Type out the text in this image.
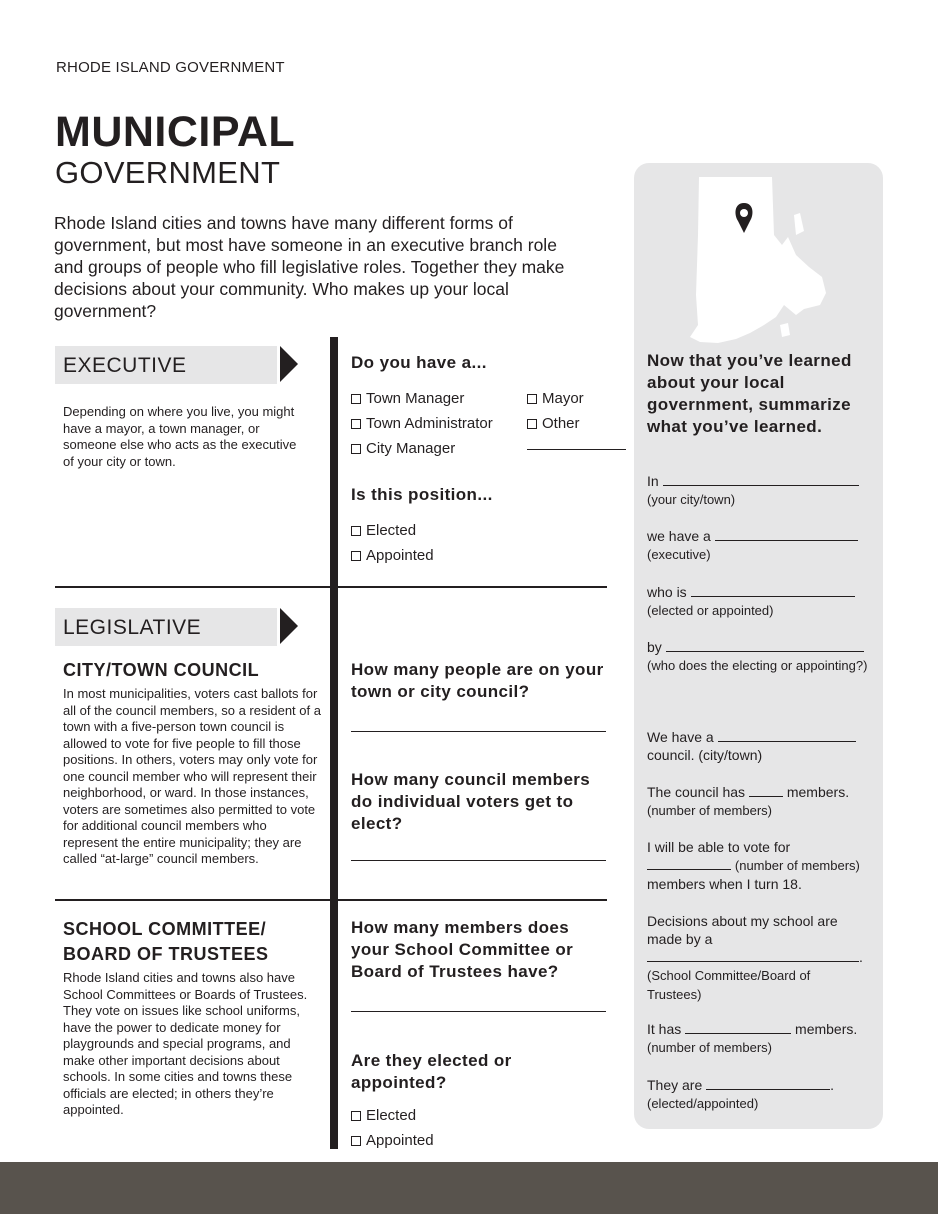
RHODE ISLAND GOVERNMENT
MUNICIPAL
GOVERNMENT
Rhode Island cities and towns have many different forms of government, but most have someone in an executive branch role and groups of people who fill legislative roles. Together they make decisions about your community. Who makes up your local government?
EXECUTIVE
Depending on where you live, you might have a mayor, a town manager, or someone else who acts as the executive of your city or town.
Do you have a...
Town Manager
Town Administrator
City Manager
Mayor
Other
Is this position...
Elected
Appointed
LEGISLATIVE
CITY/TOWN COUNCIL
In most municipalities, voters cast ballots for all of the council members, so a resident of a town with a five-person town council is allowed to vote for five people to fill those positions. In others, voters may only vote for one council member who will represent their neighborhood, or ward. In those instances, voters are sometimes also permitted to vote for additional council members who represent the entire municipality; they are called “at-large” council members.
How many people are on your town or city council?
How many council members do individual voters get to elect?
SCHOOL COMMITTEE/
BOARD OF TRUSTEES
Rhode Island cities and towns also have School Committees or Boards of Trustees. They vote on issues like school uniforms, have the power to dedicate money for playgrounds and special programs, and make other important decisions about schools. In some cities and towns these officials are elected; in others they’re appointed.
How many members does your School Committee or Board of Trustees have?
Are they elected or appointed?
Elected
Appointed
Now that you’ve learned about your local government, summarize what you’ve learned.
In
(your city/town)
we have a
(executive)
who is
(elected or appointed)
by
(who does the electing or appointing?)
We have a
council. (city/town)
The council has	members.
(number of members)
I will be able to vote for
(number of members)
members when I turn 18.
Decisions about my school are made by a
.
(School Committee/Board of Trustees)
It has	members.
(number of members)
They are	.
(elected/appointed)
